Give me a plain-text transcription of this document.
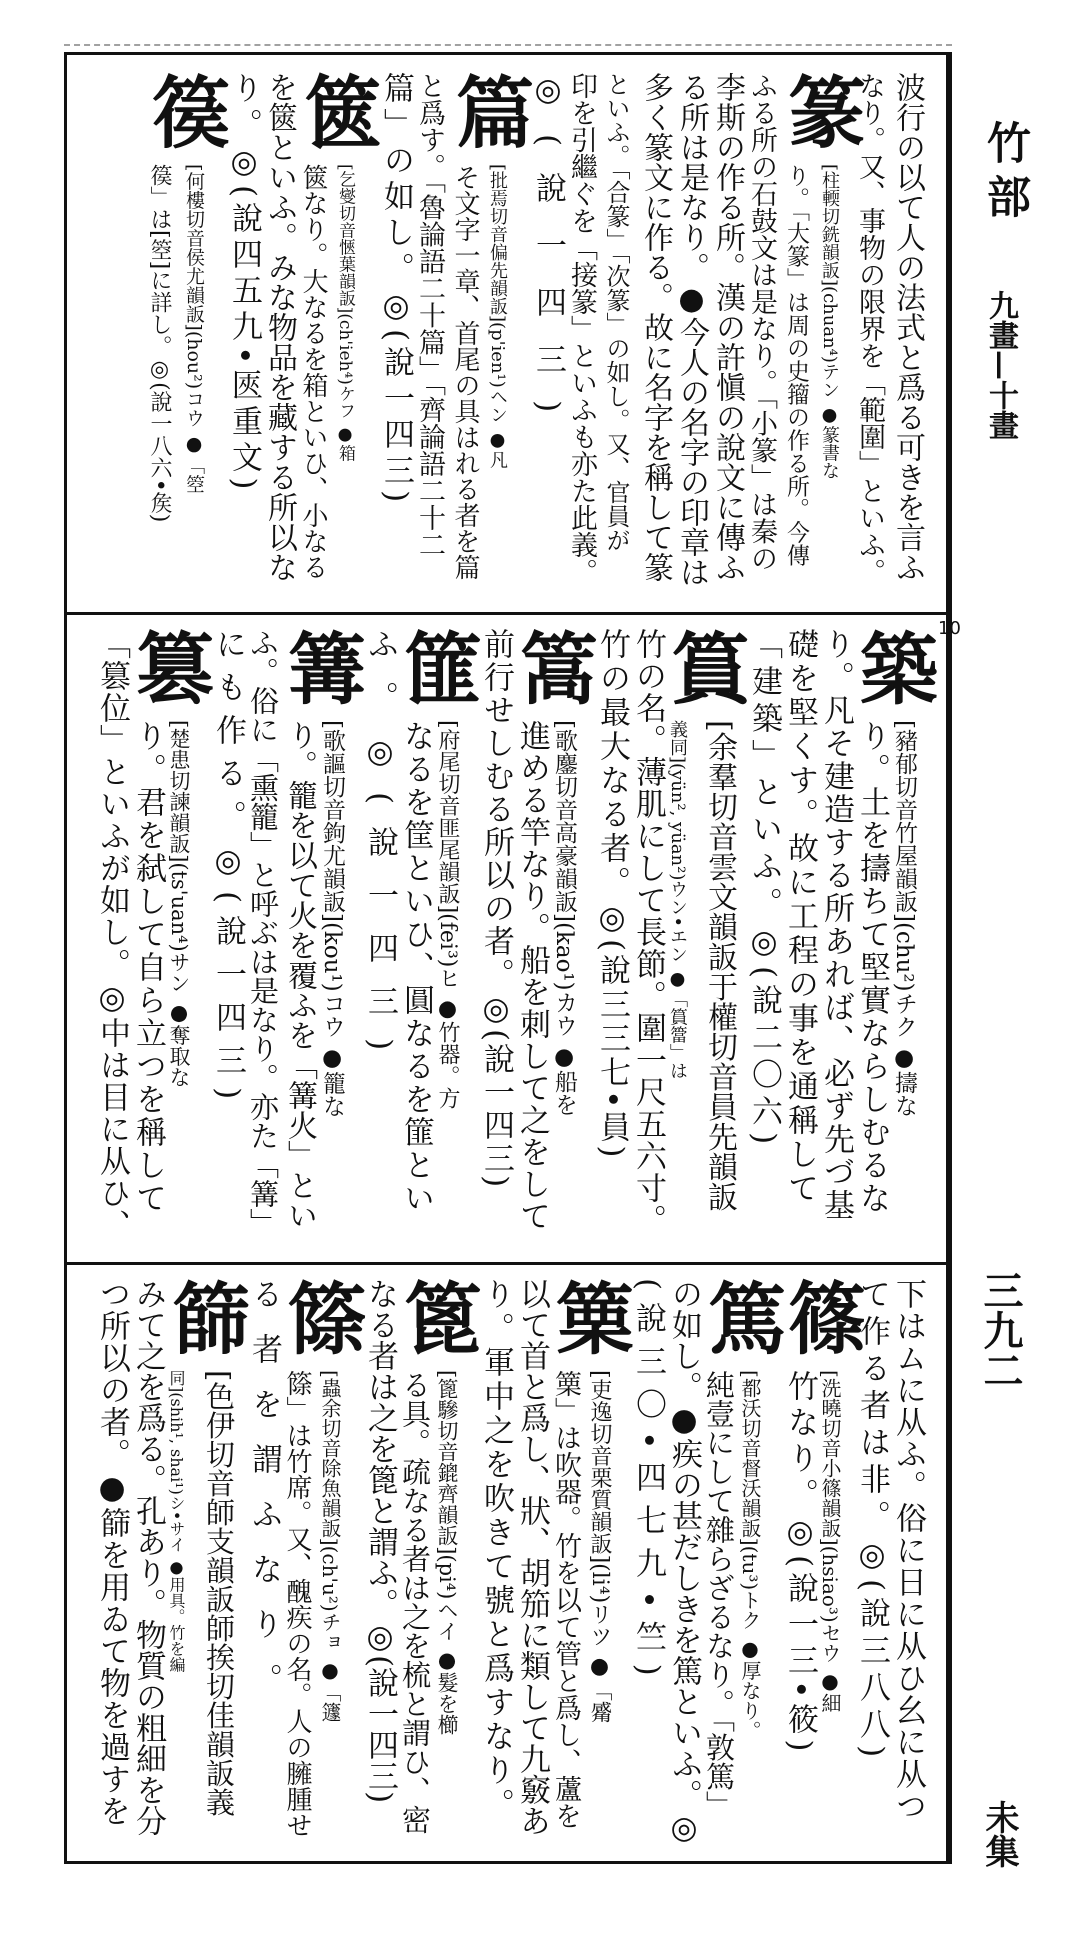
竹部
九畫—十畫
三九二
未集
10
波行の以て人の法式と爲る可きを言ふ
なり。又、事物の限界を「範圍」といふ。
篆
[柱輭切銑韻䛀](chuan⁴)テン ●篆書な
り。「大篆」は周の史籀の作る所。今傳
ふる所の石鼓文は是なり。「小篆」は秦の
李斯の作る所。漢の許愼の說文に傳ふ
る所は是なり。●今人の名字の印章は
多く篆文に作る。故に名字を稱して篆
といふ。「合篆」「次篆」の如し。又、官員が
印を引繼ぐを「接篆」といふも亦た此義。
◎(說一四三)
篇
[批焉切音偏先韻䛀](p'ien¹)ヘン ●凡
そ文字一章、首尾の具はれる者を篇
と爲す。「魯論語二十篇」「齊論語二十二
篇」の如し。◎(說一四三)
篋
[乞燮切音愜葉韻䛀](ch'ieh⁴)ケフ ●箱
篋なり。大なるを箱といひ、小なる
を篋といふ。みな物品を藏する所以な
り。◎(說四五九•匧重文)
篌
[何樓切音侯尤韻䛀](hou²)コウ ●「箜
篌」は[箜]に詳し。◎(說一八六•矦)
築
[豬郁切音竹屋韻䛀](chu²)チク ●擣な
り。土を擣ちて堅實ならしむるな
り。凡そ建造する所あれば、必ず先づ基
礎を堅くす。故に工程の事を通稱して
「建築」といふ。◎(說二〇六)
篔
[余羣切音雲文韻䛀于權切音員先韻䛀
義同](yün², yüan²)ウン•エン ●「篔簹」は
竹の名。薄肌にして長節。圍一尺五六寸。
竹の最大なる者。◎(說三三七•員)
篙
[歌鏖切音高豪韻䛀](kao¹)カウ ●船を
進める竿なり。船を刺して之をして
前行せしむる所以の者。◎(說一四三)
篚
[府尾切音匪尾韻䛀](fei³)ヒ ●竹器。方
なるを筐といひ、圓なるを篚とい
ふ。◎(說一四三)
篝
[歌謳切音鉤尤韻䛀](kou¹)コウ ●籠な
り。籠を以て火を覆ふを「篝火」とい
ふ。俗に「熏籠」と呼ぶは是なり。亦た「篝」
にも作る。◎(說一四三)
篡
[楚患切諫韻䛀](ts'uan⁴)サン ●奪取な
り。君を弑して自ら立つを稱して
「篡位」といふが如し。◎中は目に从ひ、
下はムに从ふ。俗に日に从ひ幺に从つ
て作る者は非。◎(說三八八)
篠
[洗曉切音小篠韻䛀](hsiao³)セウ ●細
竹なり。◎(說一三•筱)
篤
[都沃切音督沃韻䛀](tu³)トク ●厚なり。
純壹にして雜らざるなり。「敦篤」
の如し。●疾の甚だしきを篤といふ。◎
(說三〇•四七九•竺)
篥
[吏逸切音栗質韻䛀](li⁴)リツ ●「觱
篥」は吹器。竹を以て管と爲し、蘆を
以て首と爲し、狀、胡笳に類して九竅あ
り。軍中之を吹きて號と爲すなり。
篦
[篦驂切音鎞齊韻䛀](pi⁴)ヘイ ●髮を櫛
る具。疏なる者は之を梳と謂ひ、密
なる者は之を篦と謂ふ。◎(說一四三)
篨
[蟲余切音除魚韻䛀](ch'u²)チョ ●「籧
篨」は竹席。又、醜疾の名。人の臃腫せ
る者を謂ふなり。
篩
[色伊切音師支韻䛀師挨切佳韻䛀義
同](shih¹, shai¹)シ•サイ ●用具。竹を編
みて之を爲る。孔あり。物質の粗細を分
つ所以の者。●篩を用ゐて物を過すを
